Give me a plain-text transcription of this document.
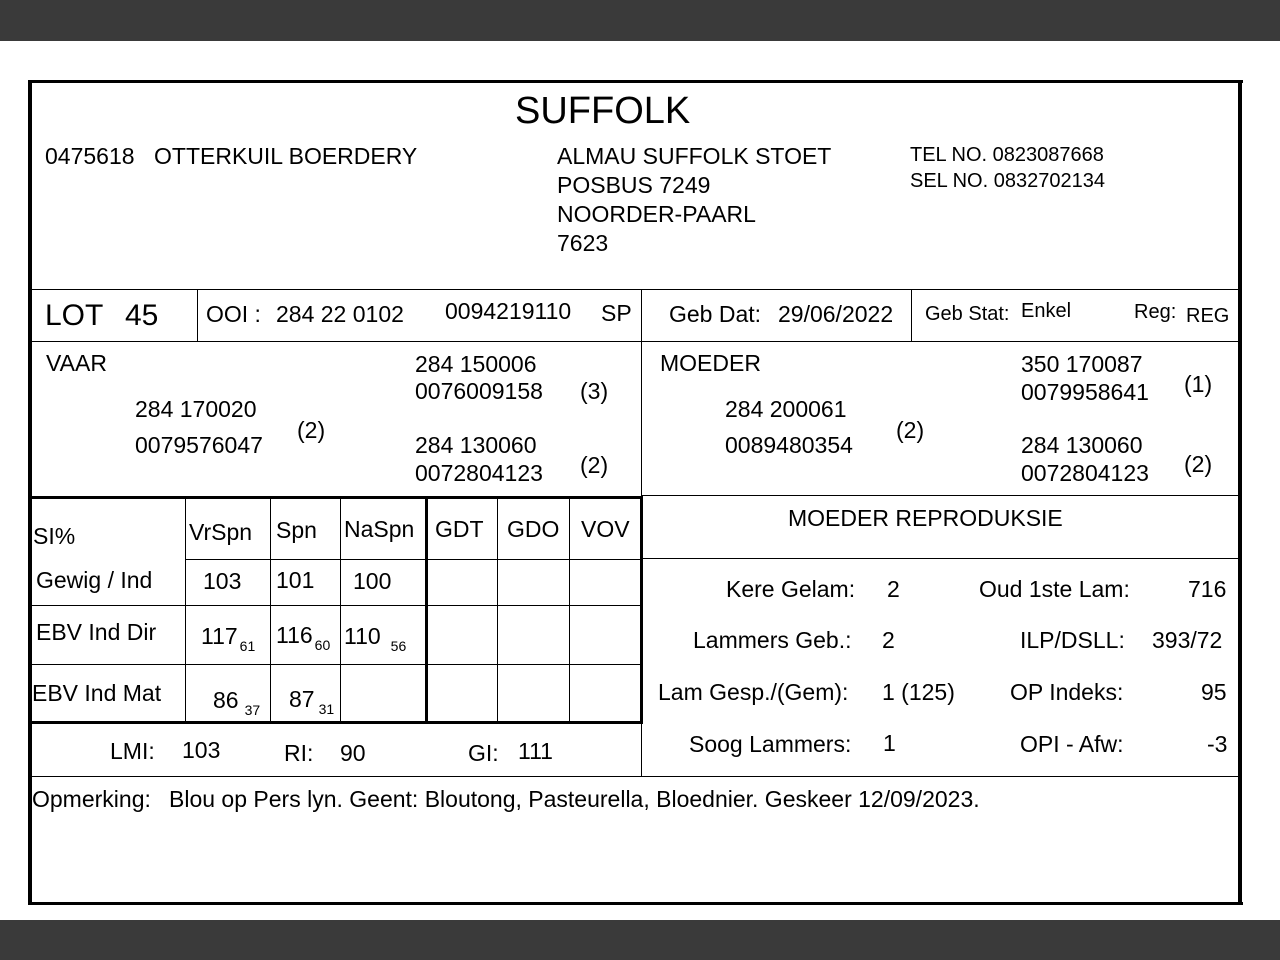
SUFFOLK
0475618 OTTERKUIL BOERDERY	ALMAU SUFFOLK STOET
POSBUS 7249
NOORDER-PAARL
7623
TEL NO. 0823087668
SEL NO. 0832702134
LOT 45 OOI : 284 22 0102 0094219110 SP Geb Dat: 29/06/2022 Geb Stat: Enkel	Reg: REG
VAAR
284 170020
0079576047
(2)
284 150006
0076009158 (3)
284 130060
0072804123 (2)
MOEDER
284 200061
0089480354
(2)
350 170087
0079958641 (1)
284 130060
0072804123 (2)
SI%	VrSpn Spn NaSpn GDT GDO VOV
Gewig / Ind 103 101 100
EBV Ind Dir 117 $_{61}$ 116 $_{60}$ 110 $_{56}$
EBV Ind Mat 86 $_{37}$ 87 $_{31}$
LMI: 103	RI: 90	GI: 111
MOEDER REPRODUKSIE
Kere Gelam: 2	Oud 1ste Lam:	716
Lammers Geb.: 2	ILP/DSLL: 393/72
Lam Gesp./(Gem): 1 (125) OP Indeks:	95
Soog Lammers: 1	OPI - Afw:	-3
Opmerking: Blou op Pers lyn. Geent: Bloutong, Pasteurella, Bloednier. Geskeer 12/09/2023.
